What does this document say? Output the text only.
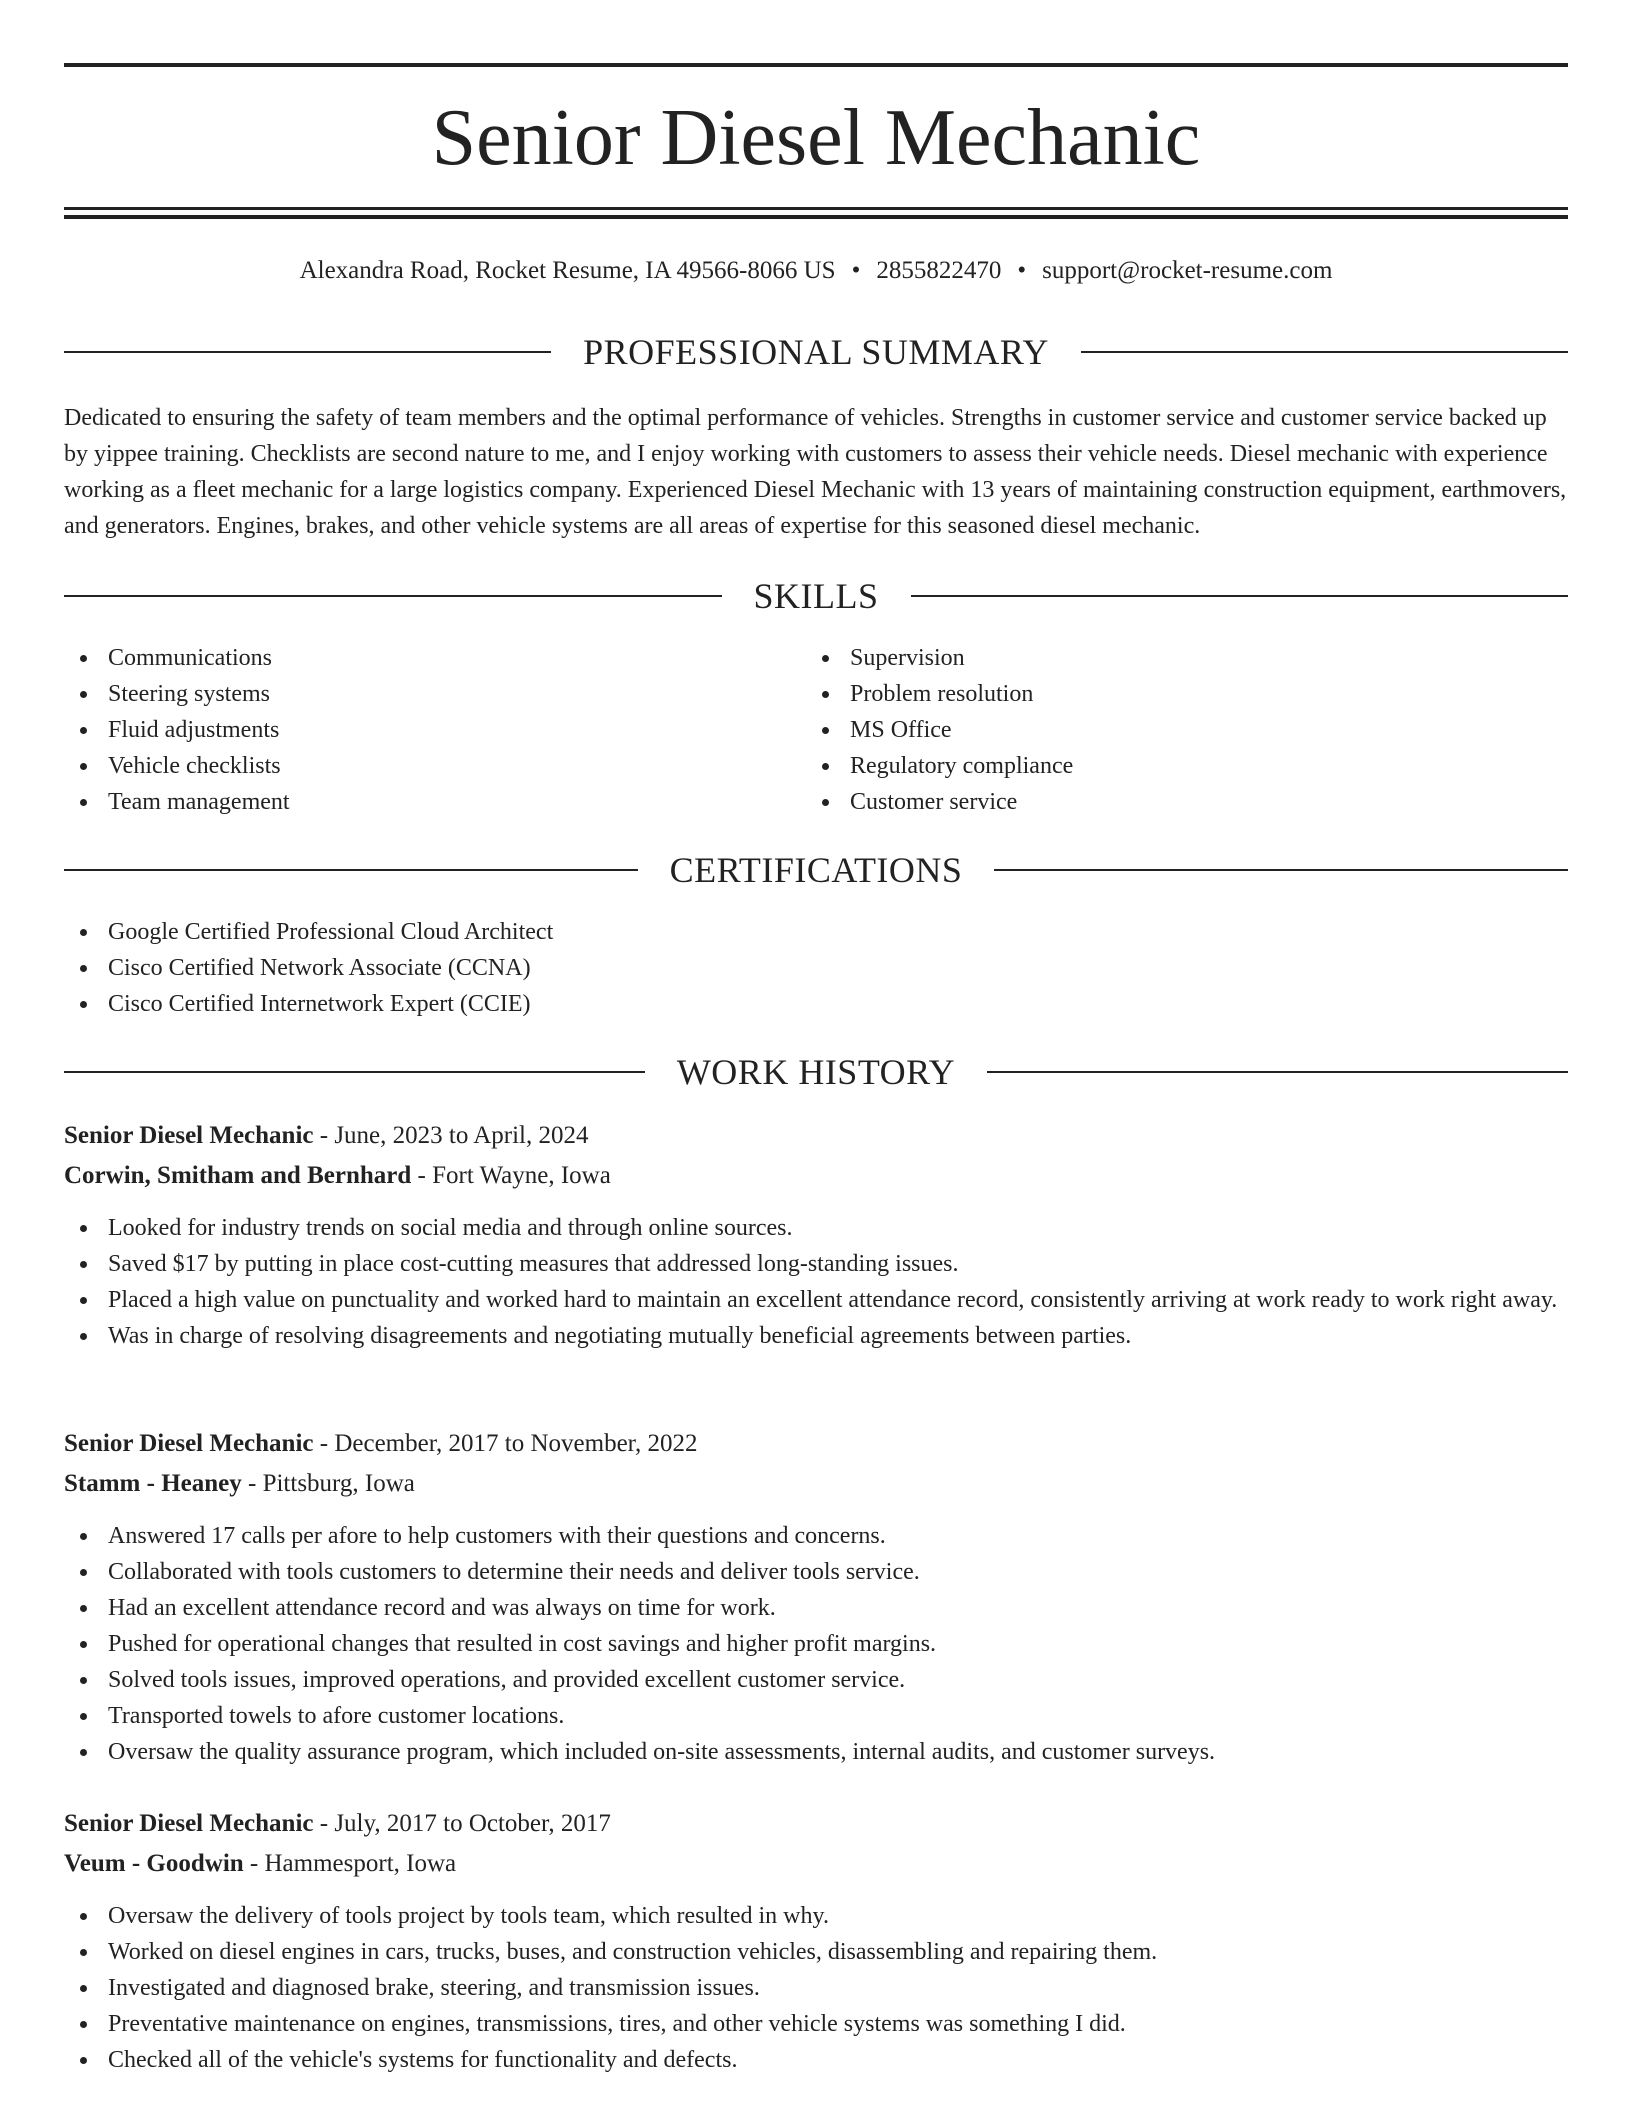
Senior Diesel Mechanic
Alexandra Road, Rocket Resume, IA 49566-8066 US • 2855822470 • support@rocket-resume.com
PROFESSIONAL SUMMARY

Dedicated to ensuring the safety of team members and the optimal performance of vehicles. Strengths in customer service and customer service backed up by yippee training. Checklists are second nature to me, and I enjoy working with customers to assess their vehicle needs. Diesel mechanic with experience working as a fleet mechanic for a large logistics company. Experienced Diesel Mechanic with 13 years of maintaining construction equipment, earthmovers, and generators. Engines, brakes, and other vehicle systems are all areas of expertise for this seasoned diesel mechanic.

SKILLS
Communications
Steering systems
Fluid adjustments
Vehicle checklists
Team management
Supervision
Problem resolution
MS Office
Regulatory compliance
Customer service
CERTIFICATIONS
Google Certified Professional Cloud Architect
Cisco Certified Network Associate (CCNA)
Cisco Certified Internetwork Expert (CCIE)
WORK HISTORY

Senior Diesel Mechanic - June, 2023 to April, 2024

Corwin, Smitham and Bernhard - Fort Wayne, Iowa

Looked for industry trends on social media and through online sources.
Saved $17 by putting in place cost-cutting measures that addressed long-standing issues.
Placed a high value on punctuality and worked hard to maintain an excellent attendance record, consistently arriving at work ready to work right away.
Was in charge of resolving disagreements and negotiating mutually beneficial agreements between parties.

Senior Diesel Mechanic - December, 2017 to November, 2022

Stamm - Heaney - Pittsburg, Iowa

Answered 17 calls per afore to help customers with their questions and concerns.
Collaborated with tools customers to determine their needs and deliver tools service.
Had an excellent attendance record and was always on time for work.
Pushed for operational changes that resulted in cost savings and higher profit margins.
Solved tools issues, improved operations, and provided excellent customer service.
Transported towels to afore customer locations.
Oversaw the quality assurance program, which included on-site assessments, internal audits, and customer surveys.

Senior Diesel Mechanic - July, 2017 to October, 2017

Veum - Goodwin - Hammesport, Iowa

Oversaw the delivery of tools project by tools team, which resulted in why.
Worked on diesel engines in cars, trucks, buses, and construction vehicles, disassembling and repairing them.
Investigated and diagnosed brake, steering, and transmission issues.
Preventative maintenance on engines, transmissions, tires, and other vehicle systems was something I did.
Checked all of the vehicle's systems for functionality and defects.
